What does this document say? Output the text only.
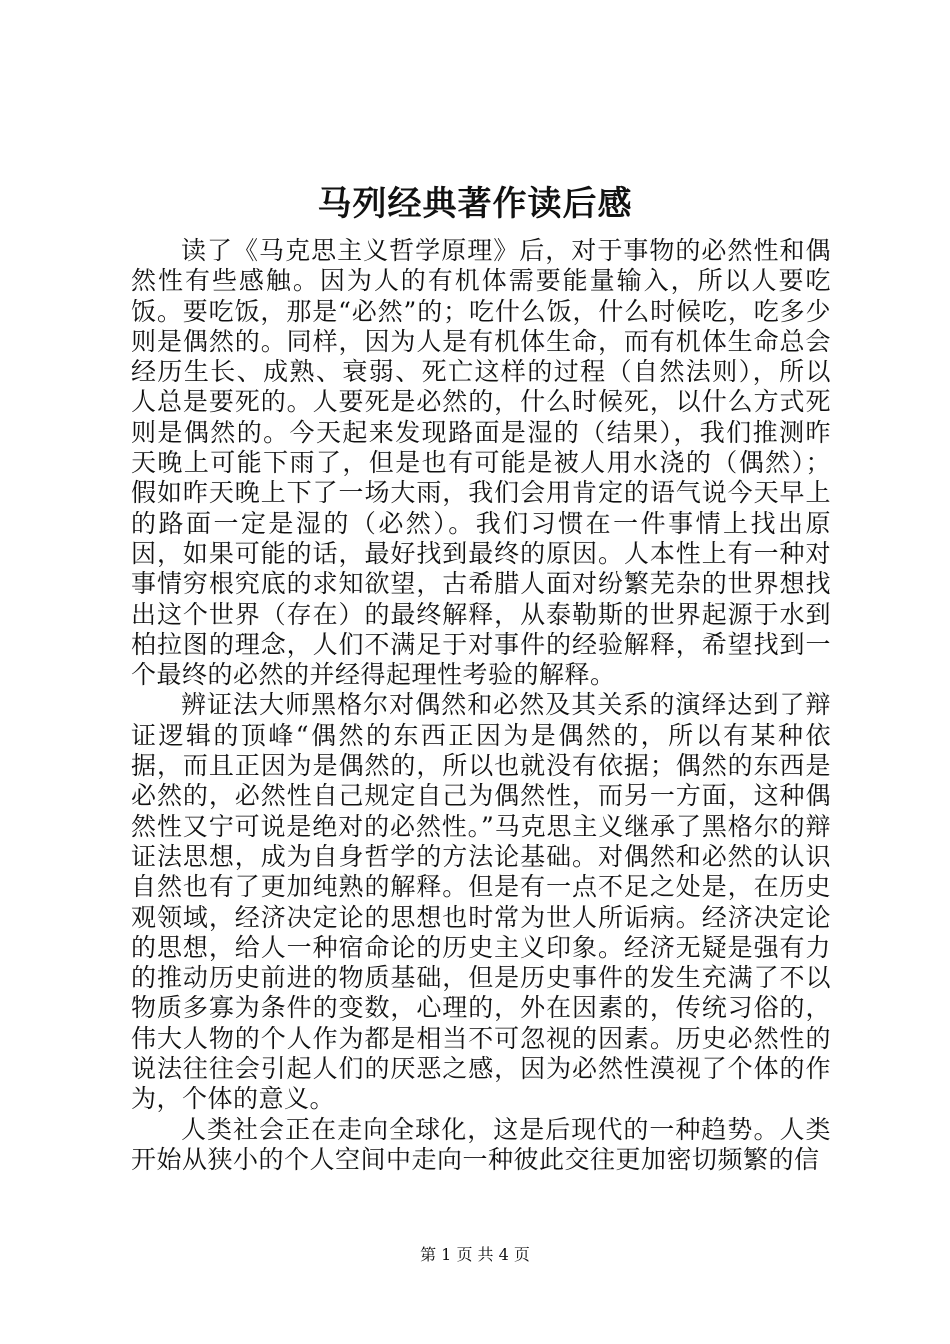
马列经典著作读后感

读了《马克思主义哲学原理》后，对于事物的必然性和偶然性有些感触。因为人的有机体需要能量输入，所以人要吃饭。要吃饭，那是“必然”的；吃什么饭，什么时候吃，吃多少则是偶然的。同样，因为人是有机体生命，而有机体生命总会经历生长、成熟、衰弱、死亡这样的过程（自然法则），所以人总是要死的。人要死是必然的，什么时候死，以什么方式死则是偶然的。今天起来发现路面是湿的（结果），我们推测昨天晚上可能下雨了，但是也有可能是被人用水浇的（偶然）；假如昨天晚上下了一场大雨，我们会用肯定的语气说今天早上的路面一定是湿的（必然）。我们习惯在一件事情上找出原因，如果可能的话，最好找到最终的原因。人本性上有一种对事情穷根究底的求知欲望，古希腊人面对纷繁芜杂的世界想找出这个世界（存在）的最终解释，从泰勒斯的世界起源于水到柏拉图的理念，人们不满足于对事件的经验解释，希望找到一个最终的必然的并经得起理性考验的解释。

辨证法大师黑格尔对偶然和必然及其关系的演绎达到了辩证逻辑的顶峰“偶然的东西正因为是偶然的，所以有某种依据，而且正因为是偶然的，所以也就没有依据；偶然的东西是必然的，必然性自己规定自己为偶然性，而另一方面，这种偶然性又宁可说是绝对的必然性。”马克思主义继承了黑格尔的辩证法思想，成为自身哲学的方法论基础。对偶然和必然的认识自然也有了更加纯熟的解释。但是有一点不足之处是，在历史观领域，经济决定论的思想也时常为世人所诟病。经济决定论的思想，给人一种宿命论的历史主义印象。经济无疑是强有力的推动历史前进的物质基础，但是历史事件的发生充满了不以物质多寡为条件的变数，心理的，外在因素的，传统习俗的，伟大人物的个人作为都是相当不可忽视的因素。历史必然性的说法往往会引起人们的厌恶之感，因为必然性漠视了个体的作为，个体的意义。

人类社会正在走向全球化，这是后现代的一种趋势。人类开始从狭小的个人空间中走向一种彼此交往更加密切频繁的信

第 1 页 共 4 页
